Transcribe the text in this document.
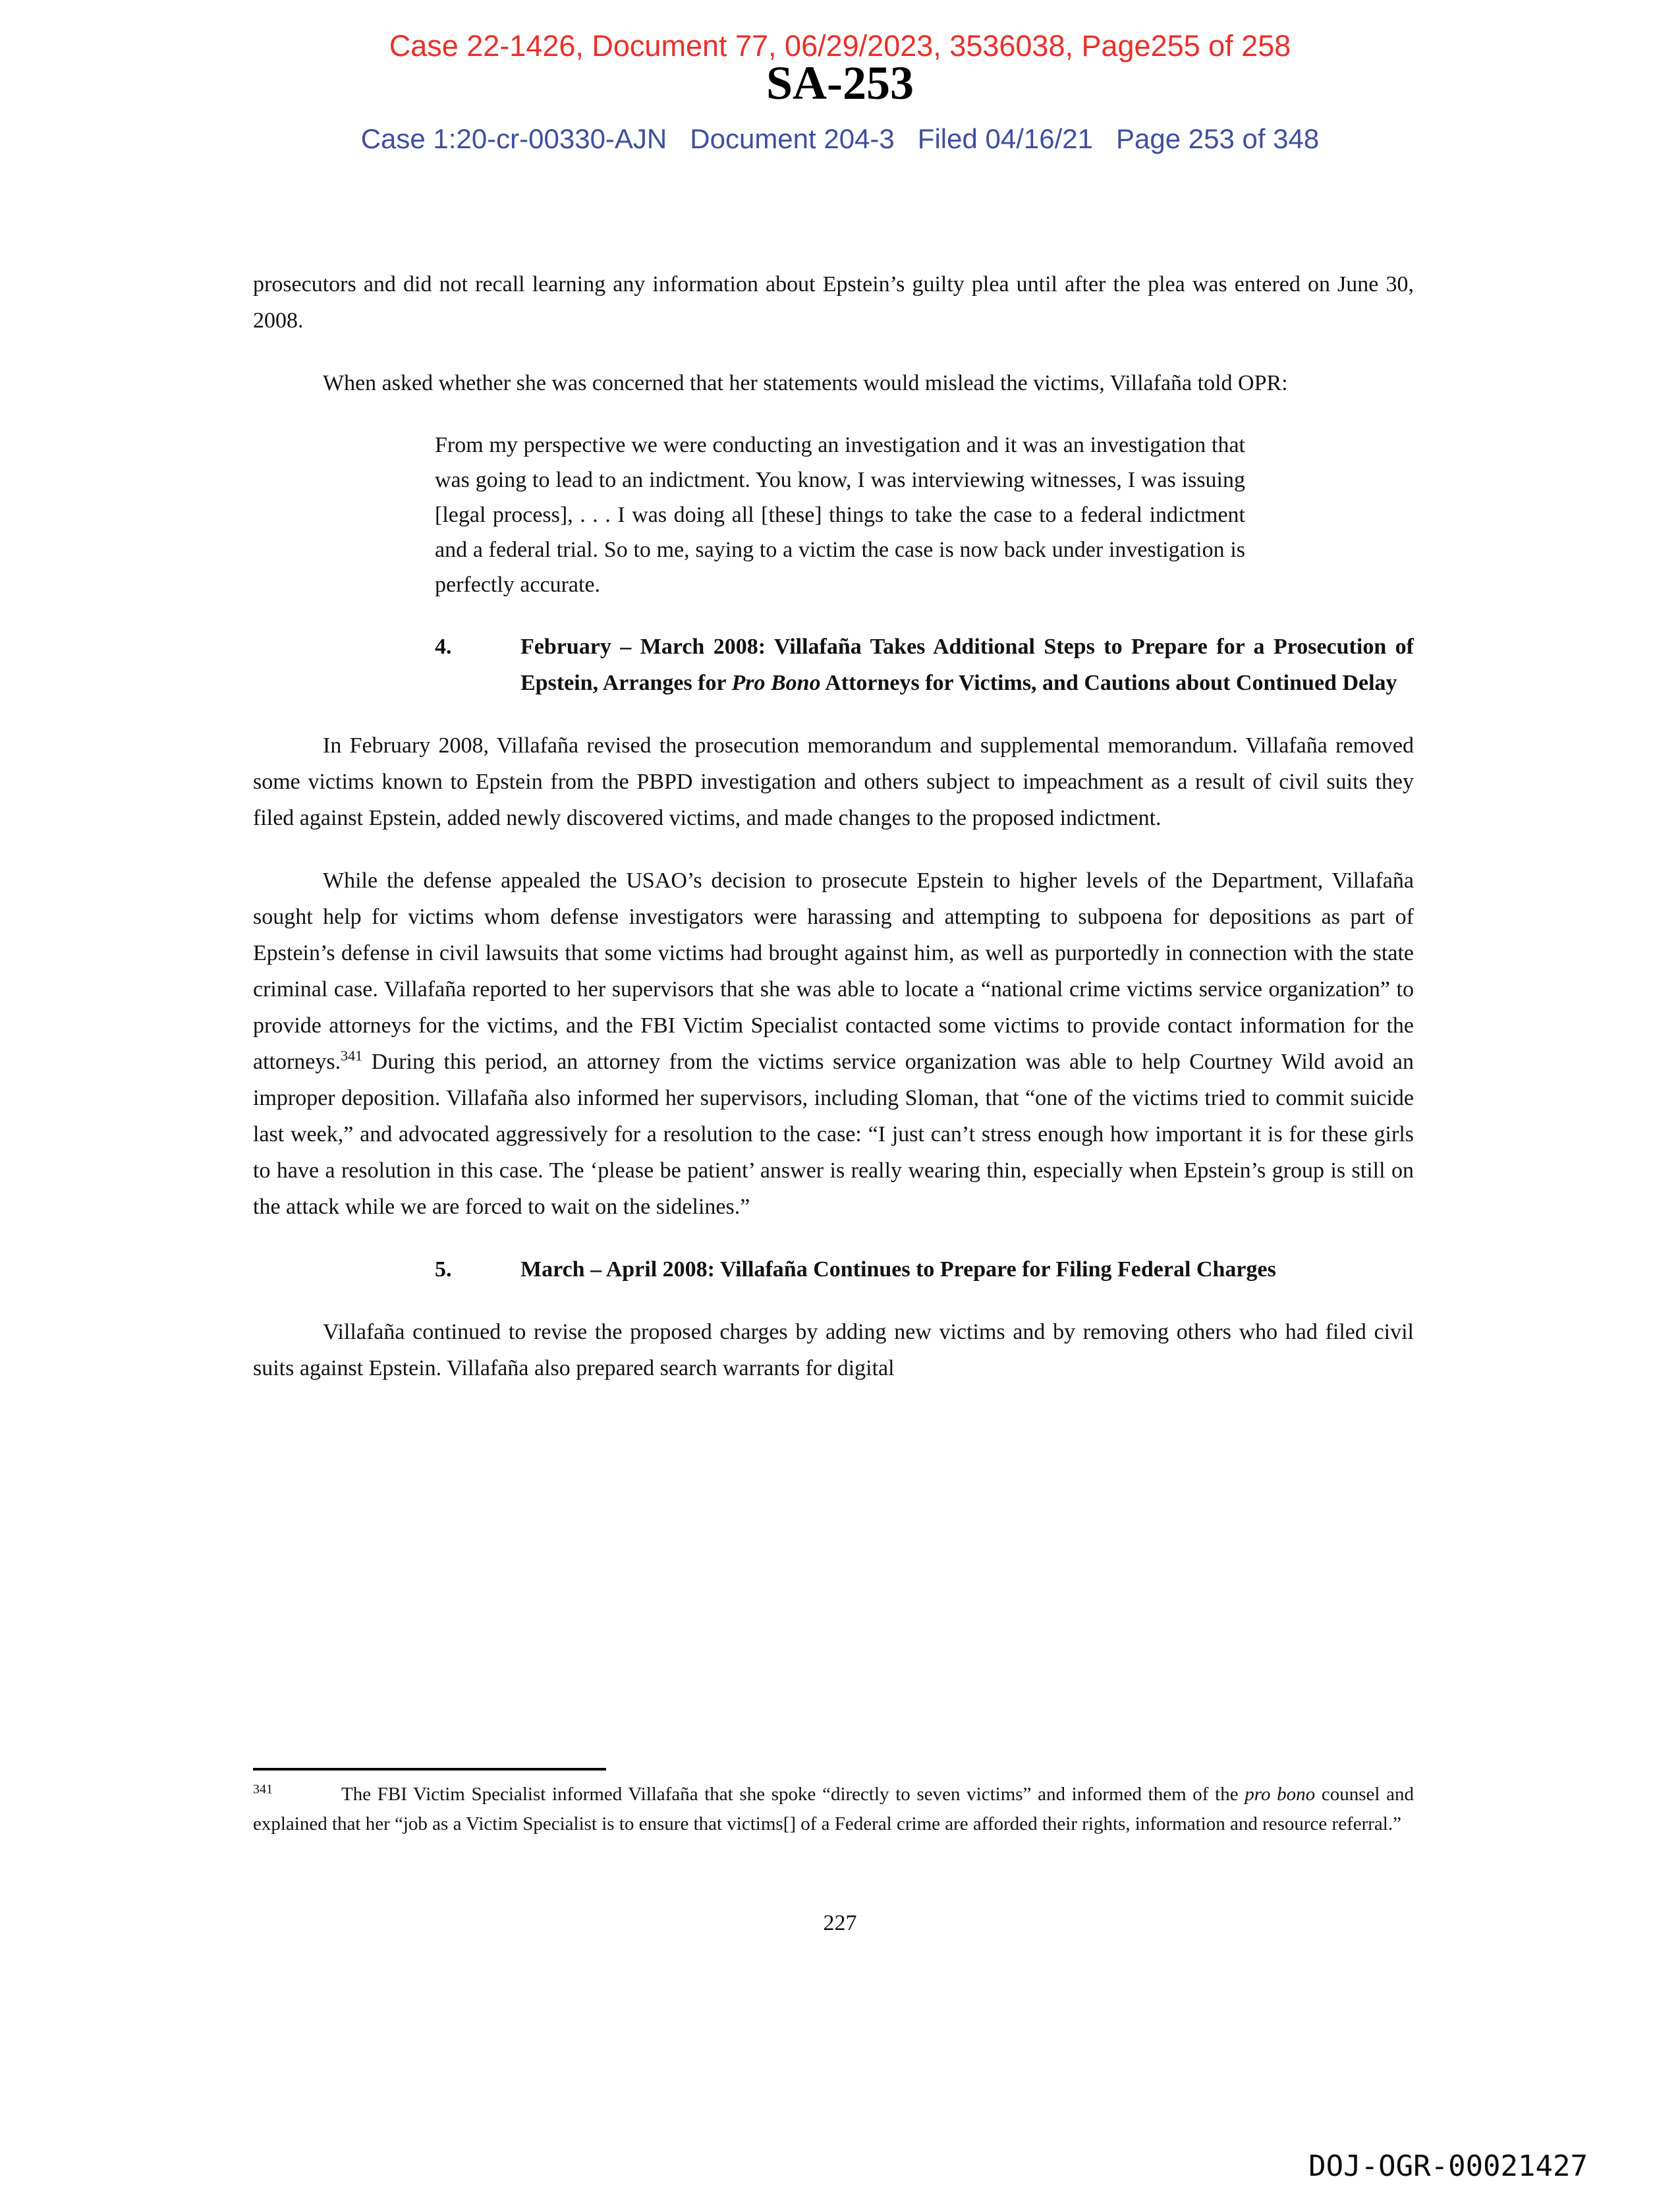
Case 22-1426, Document 77, 06/29/2023, 3536038, Page255 of 258
SA-253
Case 1:20-cr-00330-AJN   Document 204-3   Filed 04/16/21   Page 253 of 348

prosecutors and did not recall learning any information about Epstein’s guilty plea until after the plea was entered on June 30, 2008.

When asked whether she was concerned that her statements would mislead the victims, Villafaña told OPR:

From my perspective we were conducting an investigation and it was an investigation that was going to lead to an indictment. You know, I was interviewing witnesses, I was issuing [legal process], . . . I was doing all [these] things to take the case to a federal indictment and a federal trial. So to me, saying to a victim the case is now back under investigation is perfectly accurate.
4.	February – March 2008: Villafaña Takes Additional Steps to Prepare for a Prosecution of Epstein, Arranges for Pro Bono Attorneys for Victims, and Cautions about Continued Delay

In February 2008, Villafaña revised the prosecution memorandum and supplemental memorandum. Villafaña removed some victims known to Epstein from the PBPD investigation and others subject to impeachment as a result of civil suits they filed against Epstein, added newly discovered victims, and made changes to the proposed indictment.

While the defense appealed the USAO’s decision to prosecute Epstein to higher levels of the Department, Villafaña sought help for victims whom defense investigators were harassing and attempting to subpoena for depositions as part of Epstein’s defense in civil lawsuits that some victims had brought against him, as well as purportedly in connection with the state criminal case. Villafaña reported to her supervisors that she was able to locate a “national crime victims service organization” to provide attorneys for the victims, and the FBI Victim Specialist contacted some victims to provide contact information for the attorneys.$^{341}$ During this period, an attorney from the victims service organization was able to help Courtney Wild avoid an improper deposition. Villafaña also informed her supervisors, including Sloman, that “one of the victims tried to commit suicide last week,” and advocated aggressively for a resolution to the case: “I just can’t stress enough how important it is for these girls to have a resolution in this case. The ‘please be patient’ answer is really wearing thin, especially when Epstein’s group is still on the attack while we are forced to wait on the sidelines.”

5.	March – April 2008: Villafaña Continues to Prepare for Filing Federal Charges

Villafaña continued to revise the proposed charges by adding new victims and by removing others who had filed civil suits against Epstein. Villafaña also prepared search warrants for digital

$^{341}$	The FBI Victim Specialist informed Villafaña that she spoke “directly to seven victims” and informed them of the pro bono counsel and explained that her “job as a Victim Specialist is to ensure that victims[] of a Federal crime are afforded their rights, information and resource referral.”
227
DOJ-OGR-00021427
